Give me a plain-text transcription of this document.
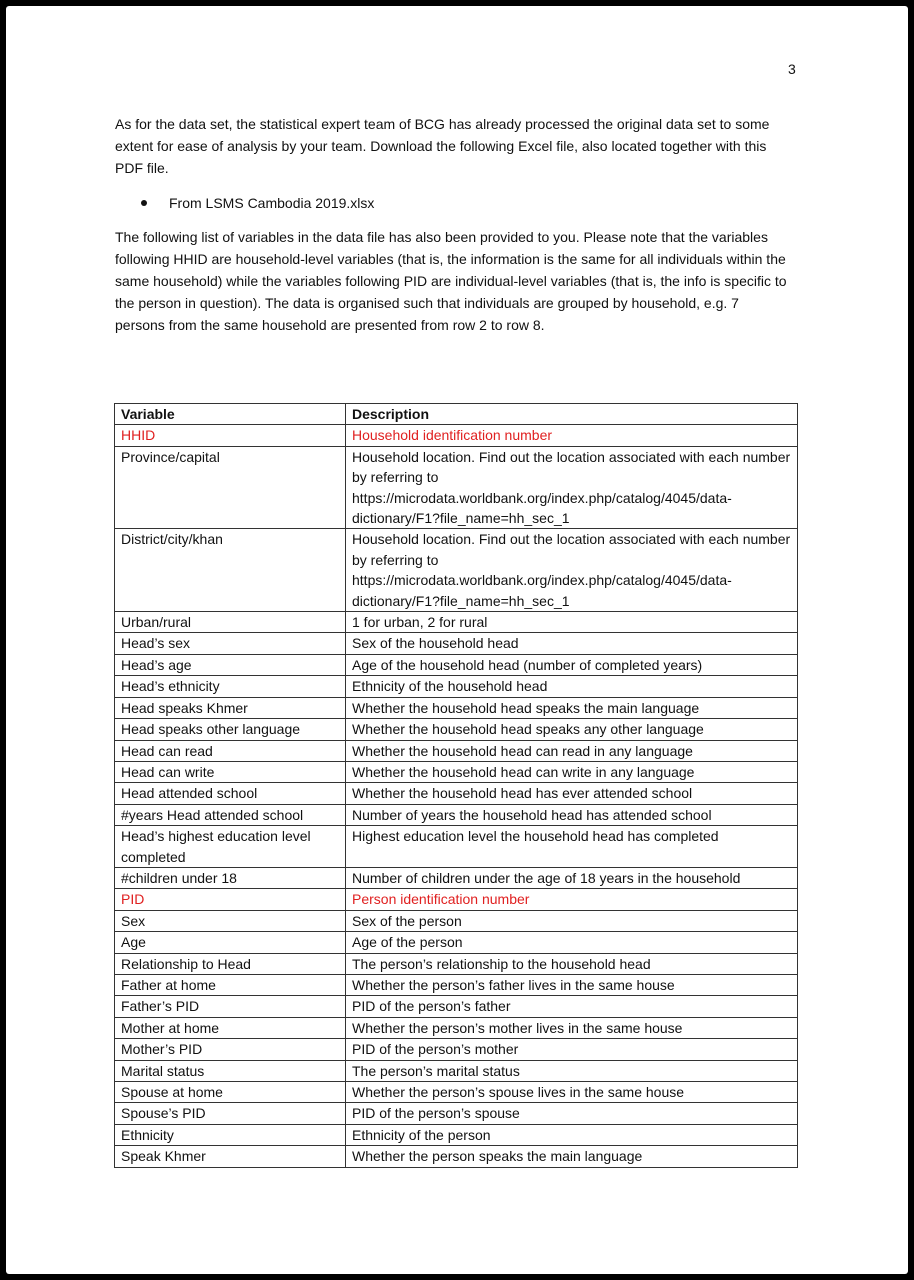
3

As for the data set, the statistical expert team of BCG has already processed the original data set to some extent for ease of analysis by your team. Download the following Excel file, also located together with this PDF file.

From LSMS Cambodia 2019.xlsx

The following list of variables in the data file has also been provided to you. Please note that the variables following HHID are household-level variables (that is, the information is the same for all individuals within the same household) while the variables following PID are individual-level variables (that is, the info is specific to the person in question). The data is organised such that individuals are grouped by household, e.g. 7 persons from the same household are presented from row 2 to row 8.

Variable	Description
HHID	Household identification number
Province/capital	Household location. Find out the location associated with each number by referring to https://microdata.worldbank.org/index.php/catalog/4045/data-dictionary/F1?file_name=hh_sec_1
District/city/khan	Household location. Find out the location associated with each number by referring to https://microdata.worldbank.org/index.php/catalog/4045/data-dictionary/F1?file_name=hh_sec_1
Urban/rural	1 for urban, 2 for rural
Head’s sex	Sex of the household head
Head’s age	Age of the household head (number of completed years)
Head’s ethnicity	Ethnicity of the household head
Head speaks Khmer	Whether the household head speaks the main language
Head speaks other language	Whether the household head speaks any other language
Head can read	Whether the household head can read in any language
Head can write	Whether the household head can write in any language
Head attended school	Whether the household head has ever attended school
#years Head attended school	Number of years the household head has attended school
Head’s highest education level completed	Highest education level the household head has completed
#children under 18	Number of children under the age of 18 years in the household
PID	Person identification number
Sex	Sex of the person
Age	Age of the person
Relationship to Head	The person’s relationship to the household head
Father at home	Whether the person’s father lives in the same house
Father’s PID	PID of the person’s father
Mother at home	Whether the person’s mother lives in the same house
Mother’s PID	PID of the person’s mother
Marital status	The person’s marital status
Spouse at home	Whether the person’s spouse lives in the same house
Spouse’s PID	PID of the person’s spouse
Ethnicity	Ethnicity of the person
Speak Khmer	Whether the person speaks the main language
